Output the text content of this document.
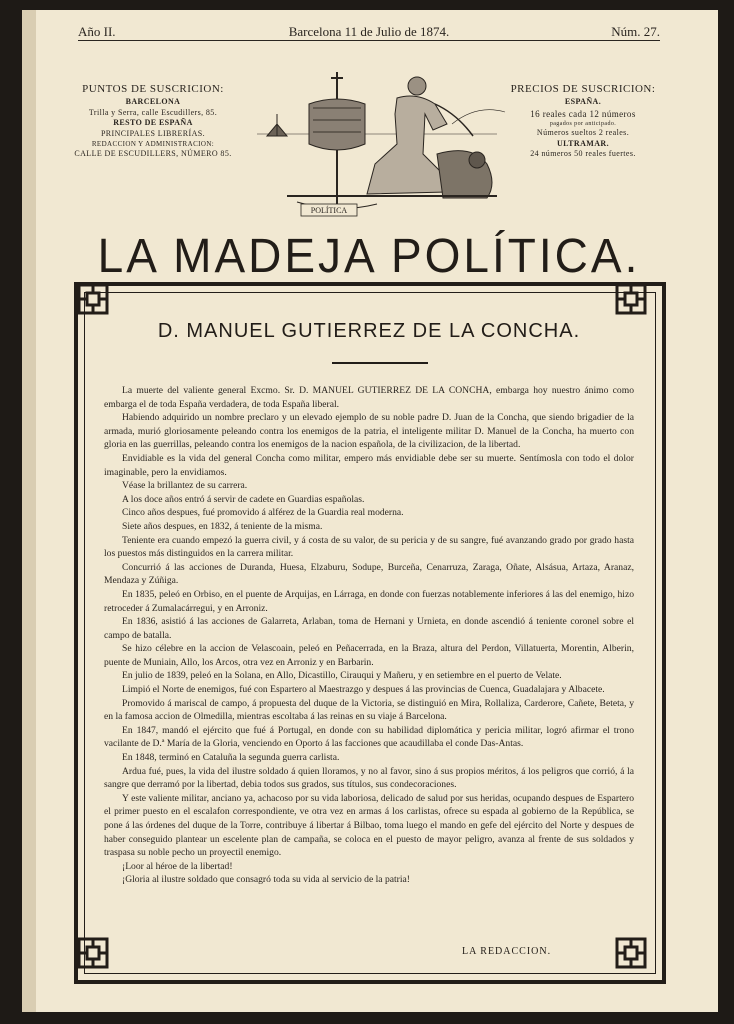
Año II.	Barcelona 11 de Julio de 1874.	Núm. 27.
PUNTOS DE SUSCRICION:
BARCELONA
Trilla y Serra, calle Escudillers, 85.
RESTO DE ESPAÑA
PRINCIPALES LIBRERÍAS.
REDACCION Y ADMINISTRACION:
CALLE DE ESCUDILLERS, NÚMERO 85.
POLÍTICA
PRECIOS DE SUSCRICION:
ESPAÑA.
16 reales cada 12 números
pagados por anticipado.
Números sueltos 2 reales.
ULTRAMAR.
24 números 50 reales fuertes.
LA MADEJA POLÍTICA.
D. MANUEL GUTIERREZ DE LA CONCHA.

La muerte del valiente general Excmo. Sr. D. MANUEL GUTIERREZ DE LA CONCHA, embarga hoy nuestro ánimo como embarga el de toda España verdadera, de toda España liberal.

Habiendo adquirido un nombre preclaro y un elevado ejemplo de su noble padre D. Juan de la Concha, que siendo brigadier de la armada, murió gloriosamente peleando contra los enemigos de la patria, el inteligente militar D. Manuel de la Concha, ha muerto con gloria en las guerrillas, peleando contra los enemigos de la nacion española, de la civilizacion, de la libertad.

Envidiable es la vida del general Concha como militar, empero más envidiable debe ser su muerte. Sentímosla con todo el dolor imaginable, pero la envidiamos.

Véase la brillantez de su carrera.

A los doce años entró á servir de cadete en Guardias españolas.

Cinco años despues, fué promovido á alférez de la Guardia real moderna.

Siete años despues, en 1832, á teniente de la misma.

Teniente era cuando empezó la guerra civil, y á costa de su valor, de su pericia y de su sangre, fué avanzando grado por grado hasta los puestos más distinguidos en la carrera militar.

Concurrió á las acciones de Duranda, Huesa, Elzaburu, Sodupe, Burceña, Cenarruza, Zaraga, Oñate, Alsásua, Artaza, Aranaz, Mendaza y Zúñiga.

En 1835, peleó en Orbiso, en el puente de Arquijas, en Lárraga, en donde con fuerzas notablemente inferiores á las del enemigo, hizo retroceder á Zumalacárregui, y en Arroniz.

En 1836, asistió á las acciones de Galarreta, Arlaban, toma de Hernani y Urnieta, en donde ascendió á teniente coronel sobre el campo de batalla.

Se hizo célebre en la accion de Velascoain, peleó en Peñacerrada, en la Braza, altura del Perdon, Villatuerta, Morentin, Alberin, puente de Muniain, Allo, los Arcos, otra vez en Arroniz y en Barbarin.

En julio de 1839, peleó en la Solana, en Allo, Dicastillo, Cirauqui y Mañeru, y en setiembre en el puerto de Velate.

Limpió el Norte de enemigos, fué con Espartero al Maestrazgo y despues á las provincias de Cuenca, Guadalajara y Albacete.

Promovido á mariscal de campo, á propuesta del duque de la Victoria, se distinguió en Mira, Rollaliza, Carderore, Cañete, Beteta, y en la famosa accion de Olmedilla, mientras escoltaba á las reinas en su viaje á Barcelona.

En 1847, mandó el ejército que fué á Portugal, en donde con su habilidad diplomática y pericia militar, logró afirmar el trono vacilante de D.ª María de la Gloria, venciendo en Oporto á las facciones que acaudillaba el conde Das-Antas.

En 1848, terminó en Cataluña la segunda guerra carlista.

Ardua fué, pues, la vida del ilustre soldado á quien lloramos, y no al favor, sino á sus propios méritos, á los peligros que corrió, á la sangre que derramó por la libertad, debia todos sus grados, sus títulos, sus condecoraciones.

Y este valiente militar, anciano ya, achacoso por su vida laboriosa, delicado de salud por sus heridas, ocupando despues de Espartero el primer puesto en el escalafon correspondiente, ve otra vez en armas á los carlistas, ofrece su espada al gobierno de la República, se pone á las órdenes del duque de la Torre, contribuye á libertar á Bilbao, toma luego el mando en gefe del ejército del Norte y despues de haber conseguido plantear un escelente plan de campaña, se coloca en el puesto de mayor peligro, avanza al frente de sus soldados y traspasa su noble pecho un proyectil enemigo.

¡Loor al héroe de la libertad!

¡Gloria al ilustre soldado que consagró toda su vida al servicio de la patria!

LA REDACCION.
